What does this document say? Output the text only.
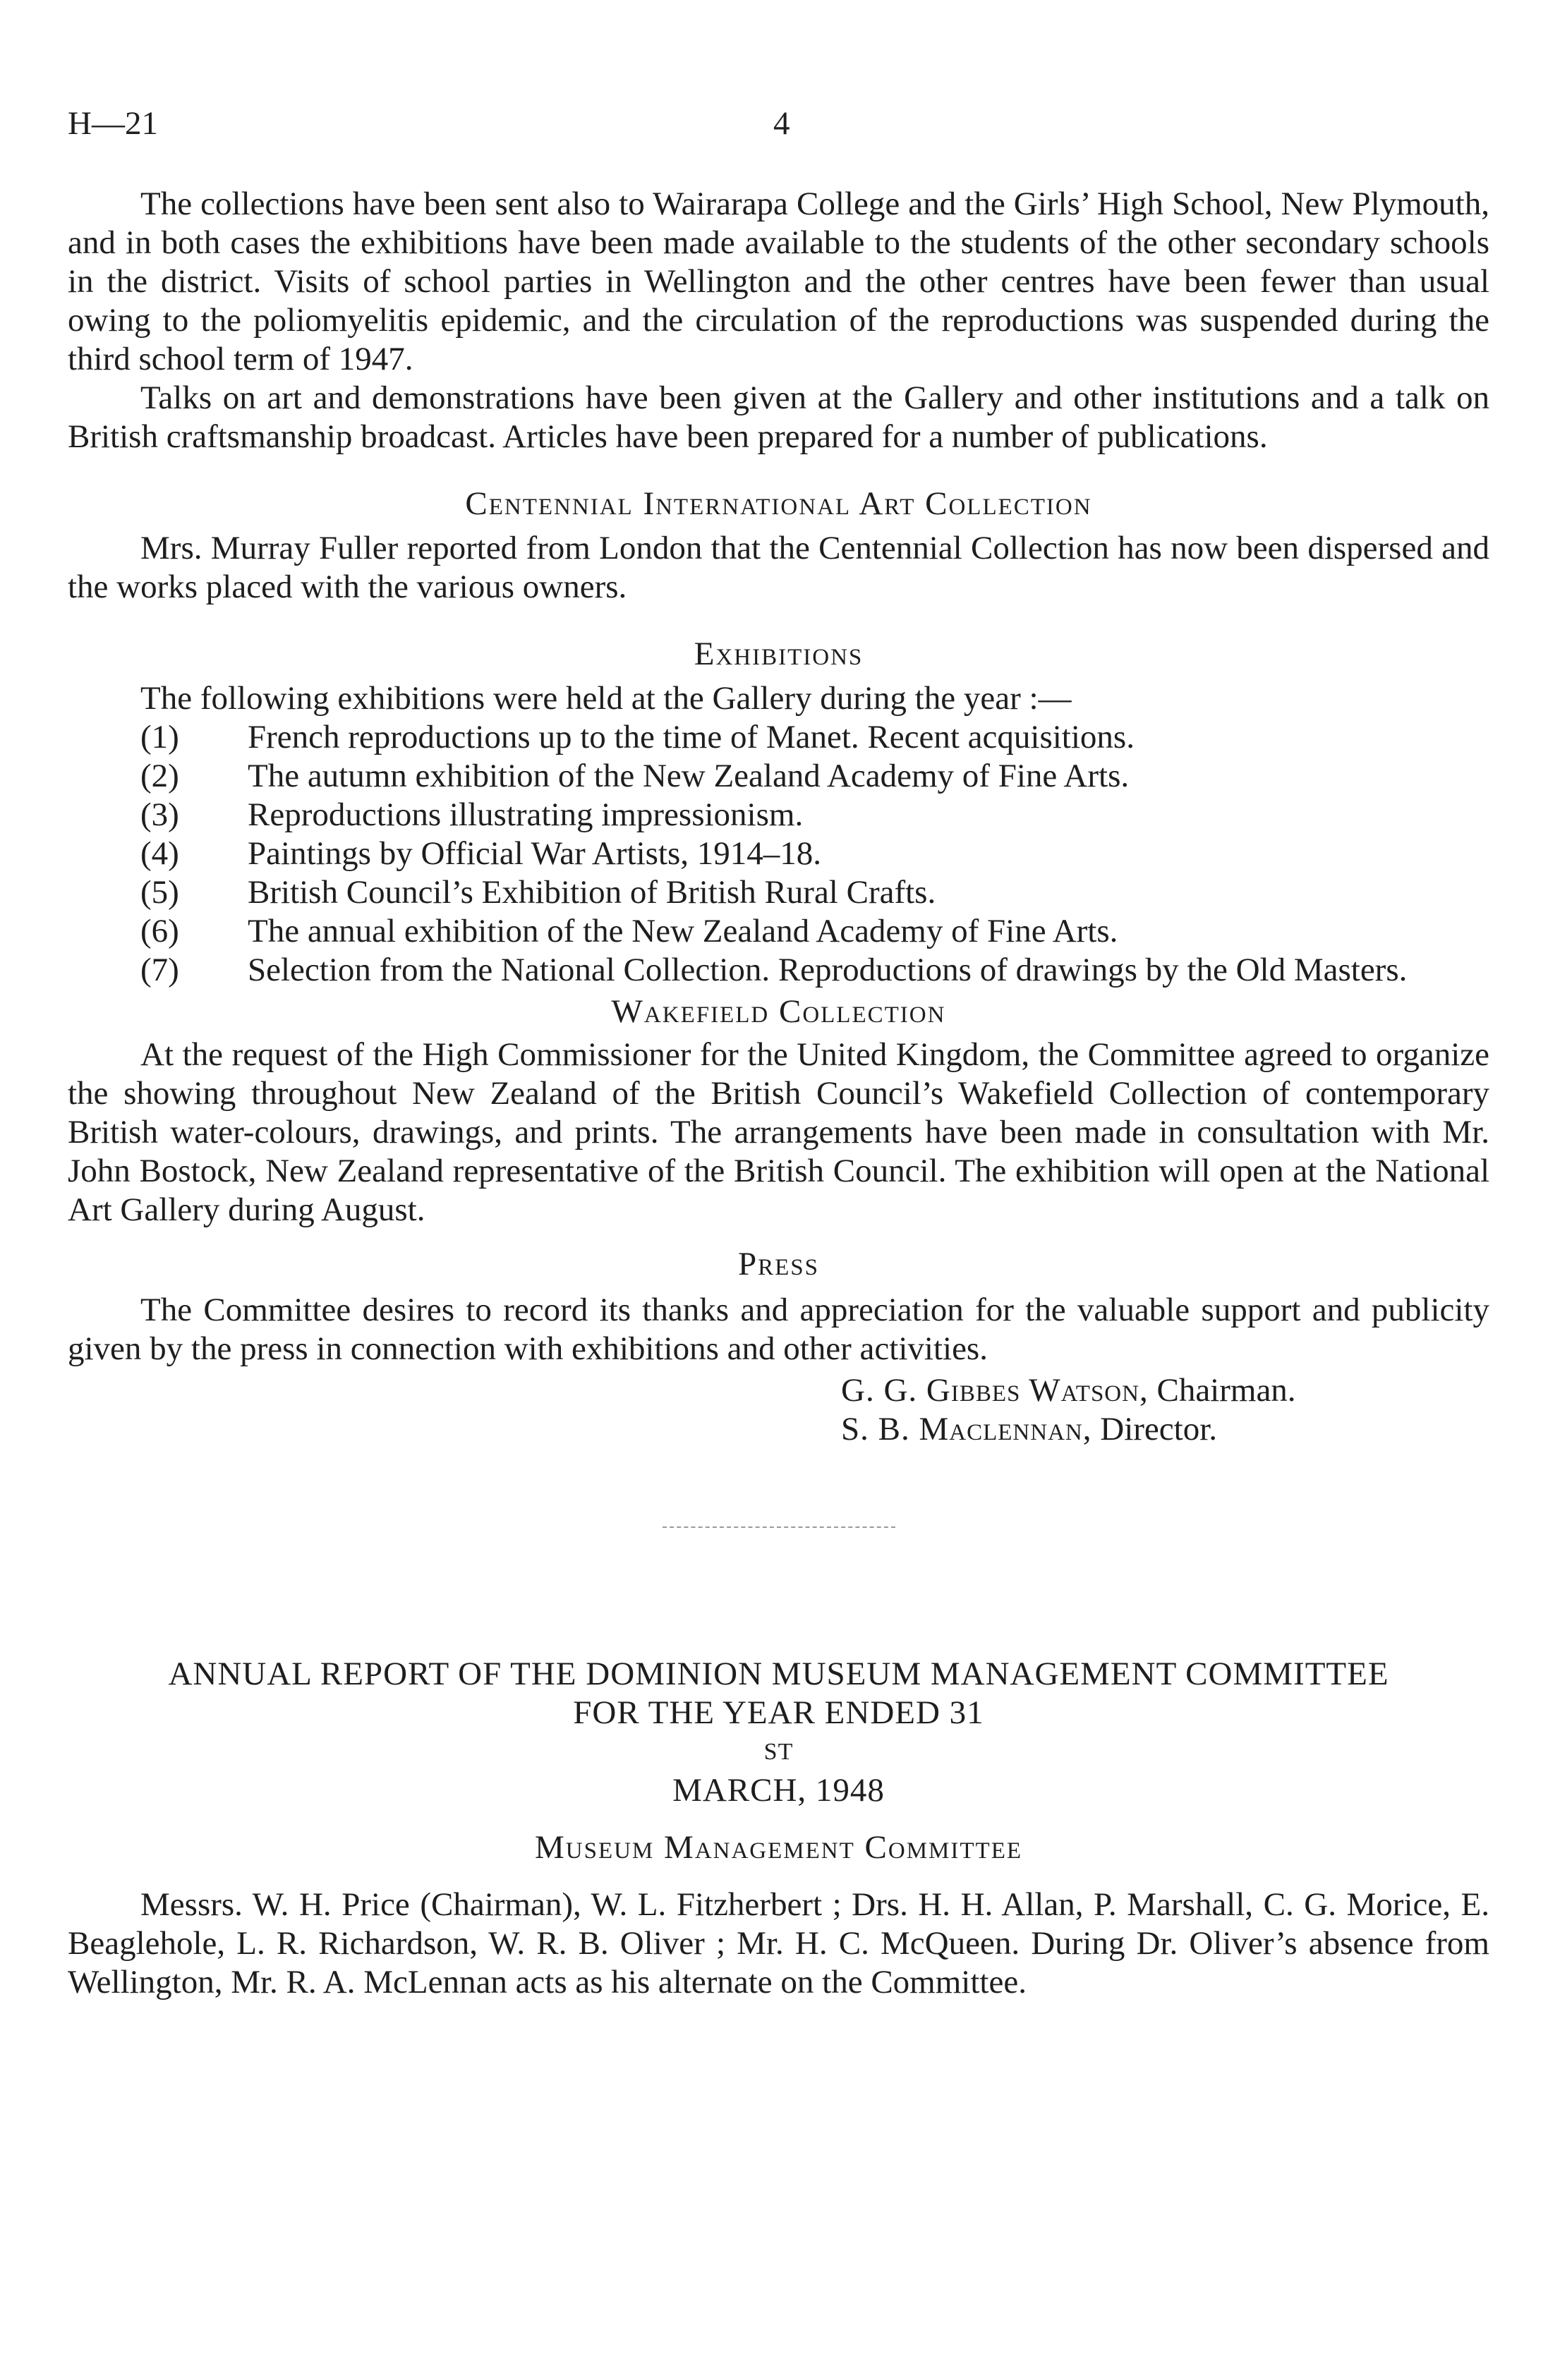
H—21	4

The collections have been sent also to Wairarapa College and the Girls’ High School, New Plymouth, and in both cases the exhibitions have been made available to the students of the other secondary schools in the district. Visits of school parties in Wellington and the other centres have been fewer than usual owing to the poliomyelitis epidemic, and the circulation of the reproductions was suspended during the third school term of 1947.

Talks on art and demonstrations have been given at the Gallery and other institutions and a talk on British craftsmanship broadcast. Articles have been prepared for a number of publications.

Centennial International Art Collection

Mrs. Murray Fuller reported from London that the Centennial Collection has now been dispersed and the works placed with the various owners.

Exhibitions

The following exhibitions were held at the Gallery during the year :—

(1) French reproductions up to the time of Manet. Recent acquisitions.
(2) The autumn exhibition of the New Zealand Academy of Fine Arts.
(3) Reproductions illustrating impressionism.
(4) Paintings by Official War Artists, 1914–18.
(5) British Council’s Exhibition of British Rural Crafts.
(6) The annual exhibition of the New Zealand Academy of Fine Arts.
(7) Selection from the National Collection. Reproductions of drawings by the Old Masters.
Wakefield Collection

At the request of the High Commissioner for the United Kingdom, the Committee agreed to organize the showing throughout New Zealand of the British Council’s Wakefield Collection of contemporary British water-colours, drawings, and prints. The arrangements have been made in consultation with Mr. John Bostock, New Zealand representative of the British Council. The exhibition will open at the National Art Gallery during August.

Press

The Committee desires to record its thanks and appreciation for the valuable support and publicity given by the press in connection with exhibitions and other activities.

G. G. Gibbes Watson, Chairman.
S. B. Maclennan, Director.
ANNUAL REPORT OF THE DOMINION MUSEUM MANAGEMENT COMMITTEE
FOR THE YEAR ENDED 31
ST
MARCH, 1948
Museum Management Committee

Messrs. W. H. Price (Chairman), W. L. Fitzherbert ; Drs. H. H. Allan, P. Marshall, C. G. Morice, E. Beaglehole, L. R. Richardson, W. R. B. Oliver ; Mr. H. C. McQueen. During Dr. Oliver’s absence from Wellington, Mr. R. A. McLennan acts as his alternate on the Committee.
